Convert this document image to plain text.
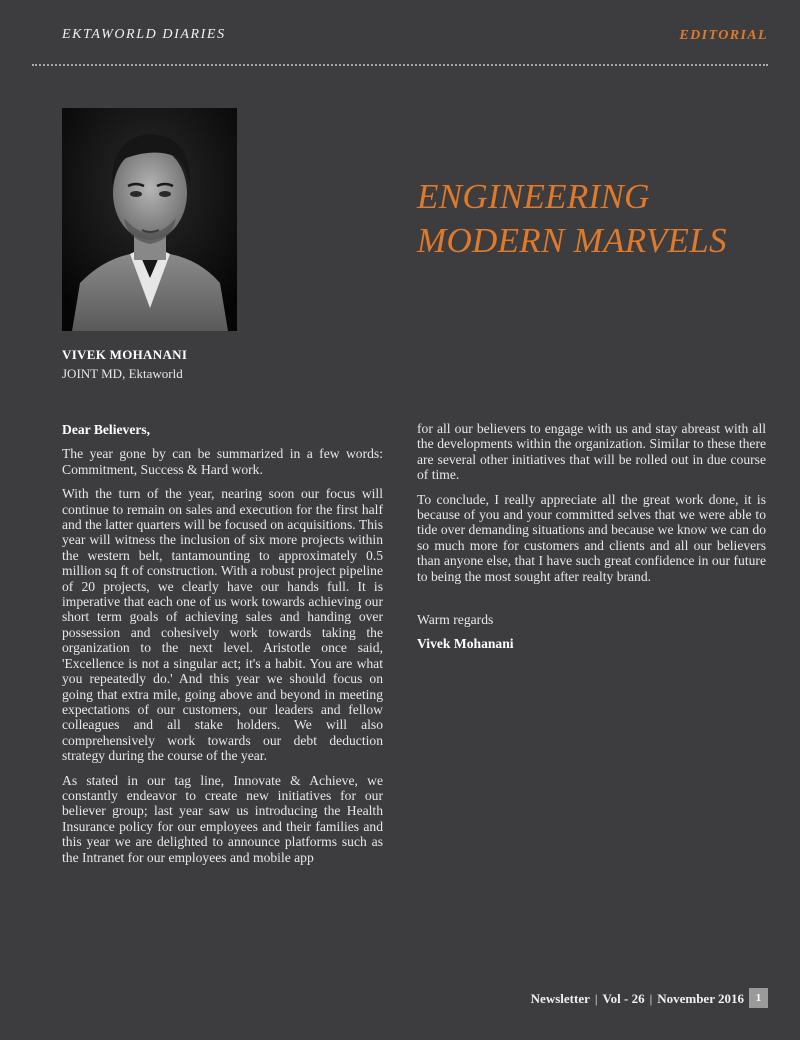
EKTAWORLD DIARIES	EDITORIAL
VIVEK MOHANANI
JOINT MD, Ektaworld
ENGINEERING
MODERN MARVELS

Dear Believers,

The year gone by can be summarized in a few words: Commitment, Success & Hard work.

With the turn of the year, nearing soon our focus will continue to remain on sales and execution for the first half and the latter quarters will be focused on acquisitions. This year will witness the inclusion of six more projects within the western belt, tantamounting to approximately 0.5 million sq ft of construction. With a robust project pipeline of 20 projects, we clearly have our hands full. It is imperative that each one of us work towards achieving our short term goals of achieving sales and handing over possession and cohesively work towards taking the organization to the next level. Aristotle once said, 'Excellence is not a singular act; it's a habit. You are what you repeatedly do.' And this year we should focus on going that extra mile, going above and beyond in meeting expectations of our customers, our leaders and fellow colleagues and all stake holders. We will also comprehensively work towards our debt deduction strategy during the course of the year.

As stated in our tag line, Innovate & Achieve, we constantly endeavor to create new initiatives for our believer group; last year saw us introducing the Health Insurance policy for our employees and their families and this year we are delighted to announce platforms such as the Intranet for our employees and mobile app

for all our believers to engage with us and stay abreast with all the developments within the organization. Similar to these there are several other initiatives that will be rolled out in due course of time.

To conclude, I really appreciate all the great work done, it is because of you and your committed selves that we were able to tide over demanding situations and because we know we can do so much more for customers and clients and all our believers than anyone else, that I have such great confidence in our future to being the most sought after realty brand.

Warm regards

Vivek Mohanani

Newsletter | Vol - 26 | November 2016	1
